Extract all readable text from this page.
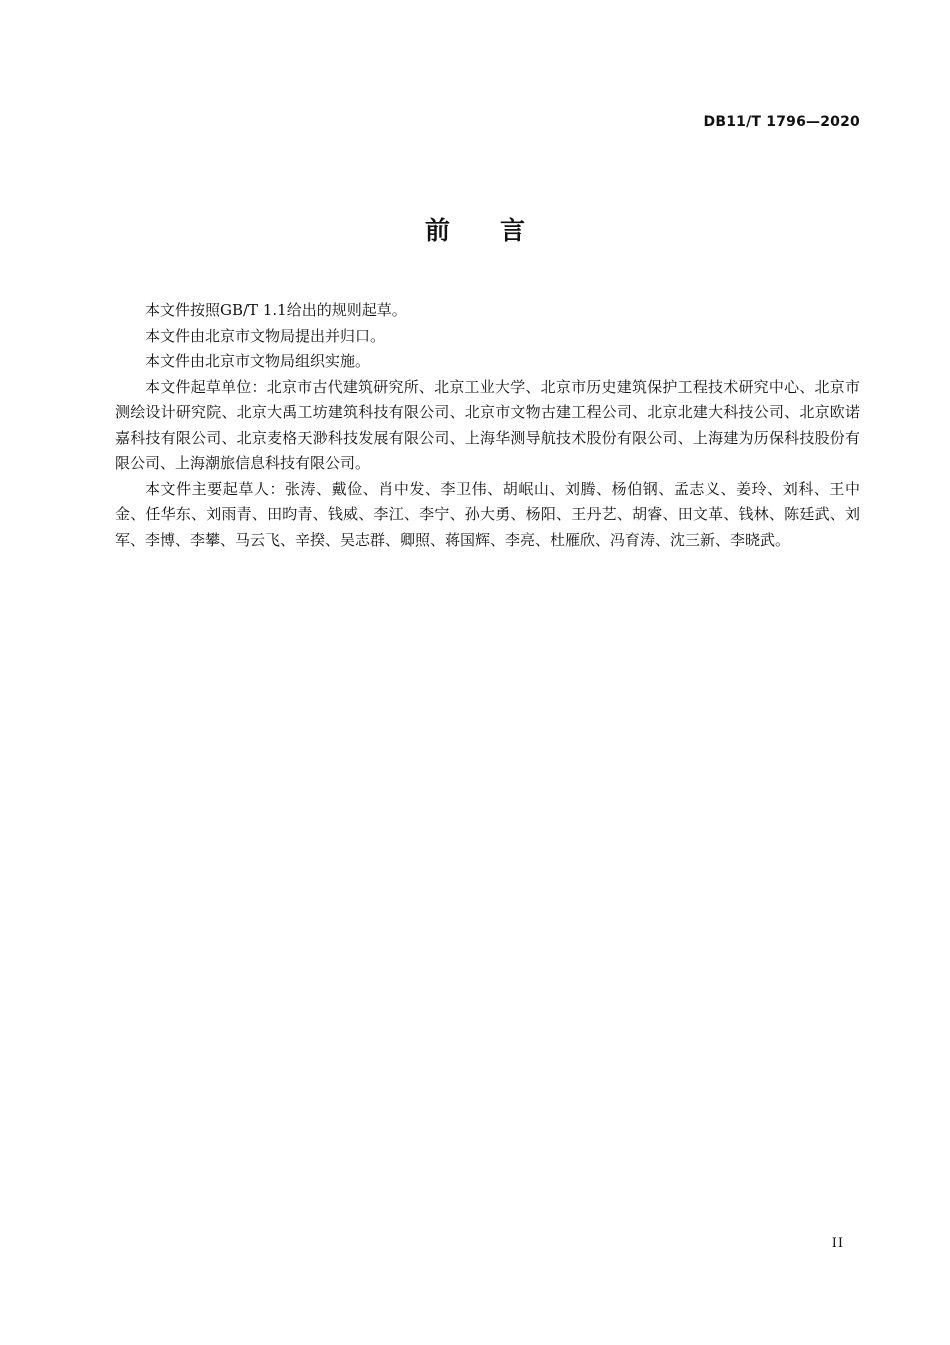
DB11/T 1796—2020
前 言

本文件按照GB/T 1.1给出的规则起草。

本文件由北京市文物局提出并归口。

本文件由北京市文物局组织实施。

本文件起草单位：北京市古代建筑研究所、北京工业大学、北京市历史建筑保护工程技术研究中心、北京市测绘设计研究院、北京大禹工坊建筑科技有限公司、北京市文物古建工程公司、北京北建大科技公司、北京欧诺嘉科技有限公司、北京麦格天渺科技发展有限公司、上海华测导航技术股份有限公司、上海建为历保科技股份有限公司、上海潮旅信息科技有限公司。

本文件主要起草人：张涛、戴俭、肖中发、李卫伟、胡岷山、刘腾、杨伯钢、孟志义、姜玲、刘科、王中金、任华东、刘雨青、田昀青、钱威、李江、李宁、孙大勇、杨阳、王丹艺、胡睿、田文革、钱林、陈廷武、刘军、李博、李攀、马云飞、辛揆、吴志群、卿照、蒋国辉、李亮、杜雁欣、冯育涛、沈三新、李晓武。

II
